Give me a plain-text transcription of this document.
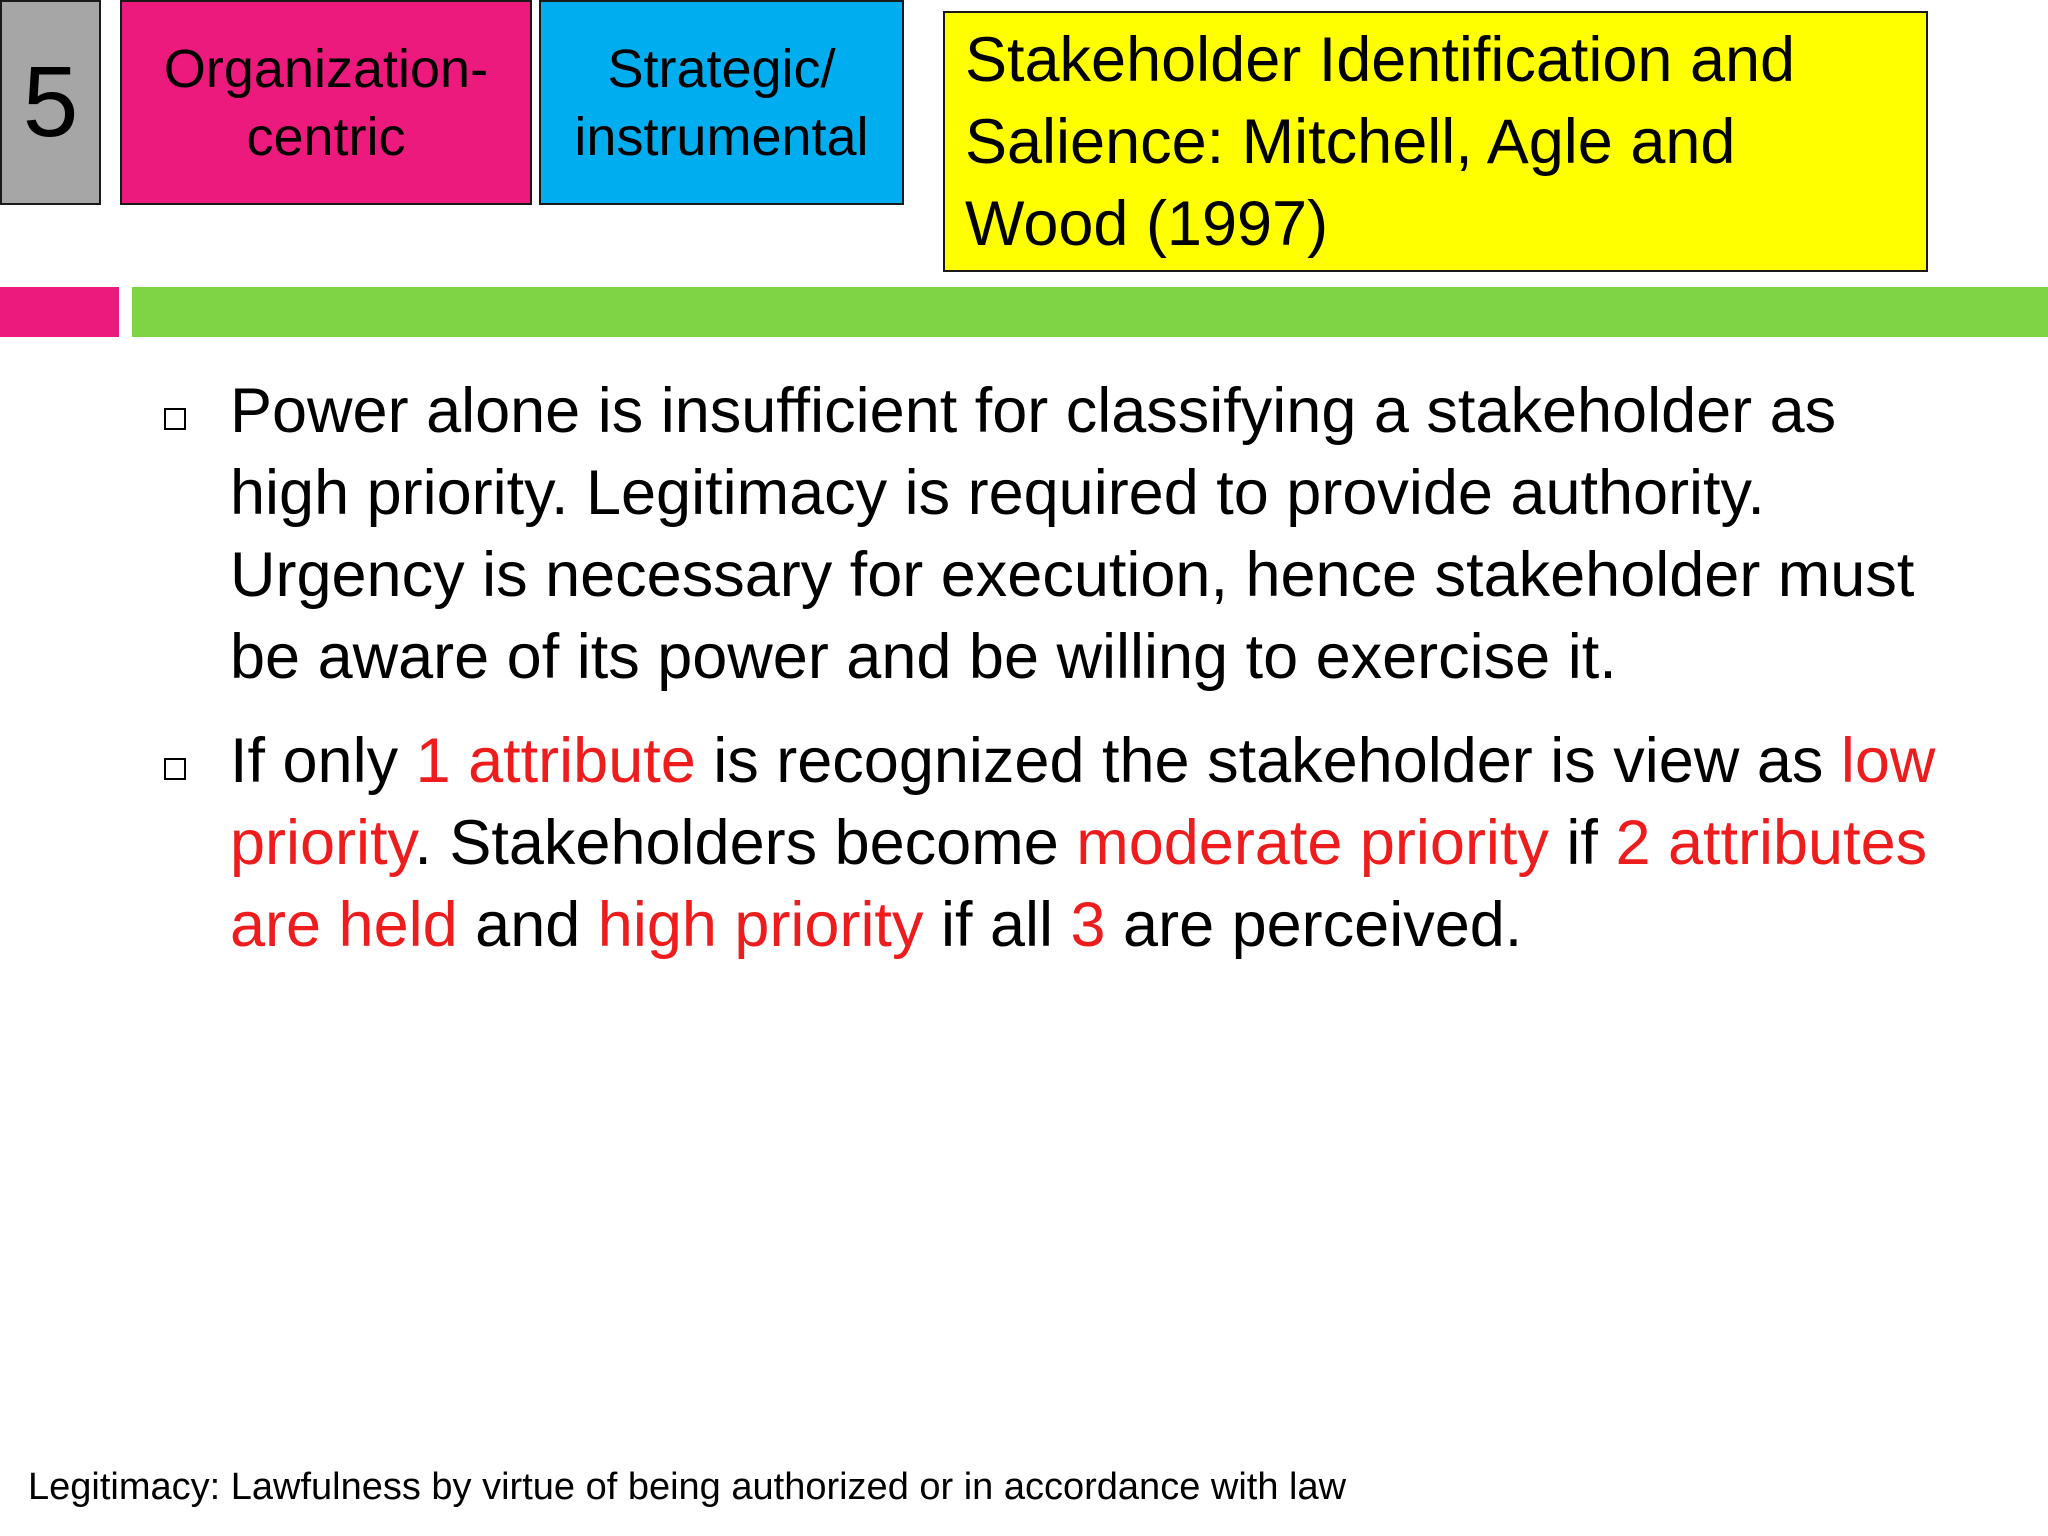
5 Organization-
centric
Strategic/
instrumental
Stakeholder Identification and
Salience: Mitchell, Agle and
Wood (1997)
Power alone is insufficient for classifying a stakeholder as high priority. Legitimacy is required to provide authority. Urgency is necessary for execution, hence stakeholder must be aware of its power and be willing to exercise it.
If only 1 attribute is recognized the stakeholder is view as low priority. Stakeholders become moderate priority if 2 attributes are held and high priority if all 3 are perceived.
Legitimacy: Lawfulness by virtue of being authorized or in accordance with law
